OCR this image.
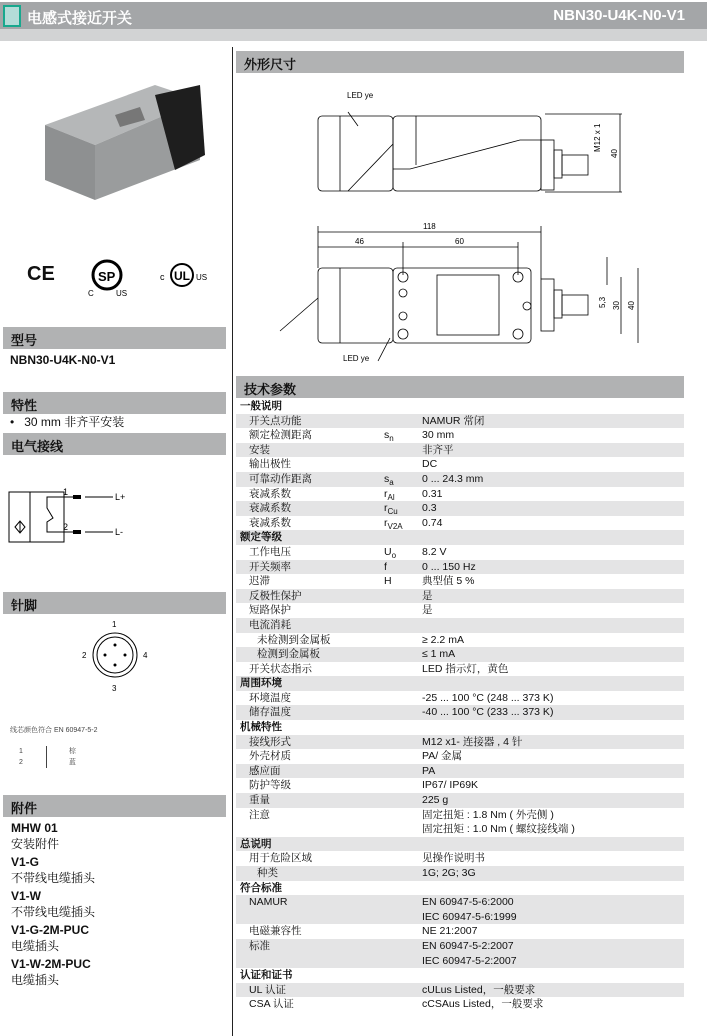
电感式接近开关	NBN30-U4K-N0-V1
CE	SP
C	US
c UL US
型号
NBN30-U4K-N0-V1
特性
•   30 mm 非齐平安装
电气接线
1
2
L+
L-
针脚
1
2
3
4
线芯颜色符合 EN 60947-5-2
1	棕
2	蓝
附件
MHW 01
安装附件
V1-G
不带线电缆插头
V1-W
不带线电缆插头
V1-G-2M-PUC
电缆插头
V1-W-2M-PUC
电缆插头
外形尺寸
LED ye
LED ye
M12 x 1
40
118
46	60
5,3 30 40
技术参数
一般说明
开关点功能	NAMUR 常闭
额定检测距离	$s_n$	30 mm
安装	非齐平
输出极性	DC
可靠动作距离	$s_a$	0 ... 24.3 mm
衰减系数	$r_{Al}$	0.31
衰减系数	$r_{Cu}$	0.3
衰减系数	$r_{V2A}$	0.74
额定等级
工作电压	$U_o$	8.2 V
开关频率	f	0 ... 150 Hz
迟滞	H	典型值 5 %
反极性保护	是
短路保护	是
电流消耗
未检测到金属板	≥ 2.2 mA
检测到金属板	≤ 1 mA
开关状态指示	LED 指示灯，黄色
周围环境
环境温度	-25 ... 100 °C (248 ... 373 K)
储存温度	-40 ... 100 °C (233 ... 373 K)
机械特性
接线形式	M12 x1- 连接器 , 4 针
外壳材质	PA/ 金属
感应面	PA
防护等级	IP67/ IP69K
重量	225 g
注意	固定扭矩 : 1.8 Nm ( 外壳侧 )
固定扭矩 : 1.0 Nm ( 螺纹接线端 )
总说明
用于危险区域	见操作说明书
种类	1G; 2G; 3G
符合标准
NAMUR	EN 60947-5-6:2000
IEC 60947-5-6:1999
电磁兼容性	NE 21:2007
标准	EN 60947-5-2:2007
IEC 60947-5-2:2007
认证和证书
UL 认证	cULus Listed，一般要求
CSA 认证	cCSAus Listed，一般要求
